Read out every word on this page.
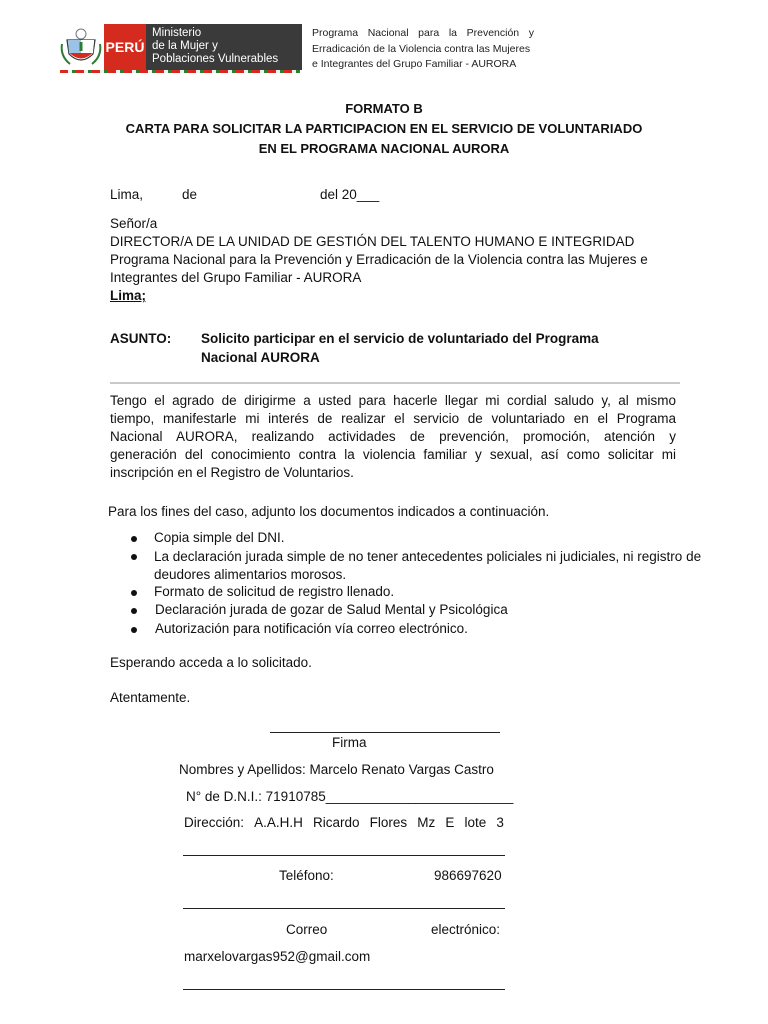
PERÚ
Ministerio
de la Mujer y
Poblaciones Vulnerables
Programa Nacional para la Prevención y
Erradicación de la Violencia contra las Mujeres
e Integrantes del Grupo Familiar - AURORA
FORMATO B
CARTA PARA SOLICITAR LA PARTICIPACION EN EL SERVICIO DE VOLUNTARIADO
EN EL PROGRAMA NACIONAL AURORA
Lima,	de	del 20___
Señor/a
DIRECTOR/A DE LA UNIDAD DE GESTIÓN DEL TALENTO HUMANO E INTEGRIDAD
Programa Nacional para la Prevención y Erradicación de la Violencia contra las Mujeres e
Integrantes del Grupo Familiar - AURORA
Lima;
ASUNTO: Solicito participar en el servicio de voluntariado del Programa
Nacional AURORA
Tengo el agrado de dirigirme a usted para hacerle llegar mi cordial saludo y, al mismo
tiempo, manifestarle mi interés de realizar el servicio de voluntariado en el Programa
Nacional AURORA, realizando actividades de prevención, promoción, atención y
generación del conocimiento contra la violencia familiar y sexual, así como solicitar mi
inscripción en el Registro de Voluntarios.
Para los fines del caso, adjunto los documentos indicados a continuación.
Copia simple del DNI.
La declaración jurada simple de no tener antecedentes policiales ni judiciales, ni registro de
deudores alimentarios morosos.
Formato de solicitud de registro llenado.
Declaración jurada de gozar de Salud Mental y Psicológica
Autorización para notificación vía correo electrónico.
Esperando acceda a lo solicitado.
Atentamente.
Firma
Nombres y Apellidos: Marcelo Renato Vargas Castro
N° de D.N.I.: 71910785_________________________
Dirección: A.A.H.H Ricardo Flores Mz E lote 3
Teléfono:	986697620
Correo	electrónico:
marxelovargas952@gmail.com
